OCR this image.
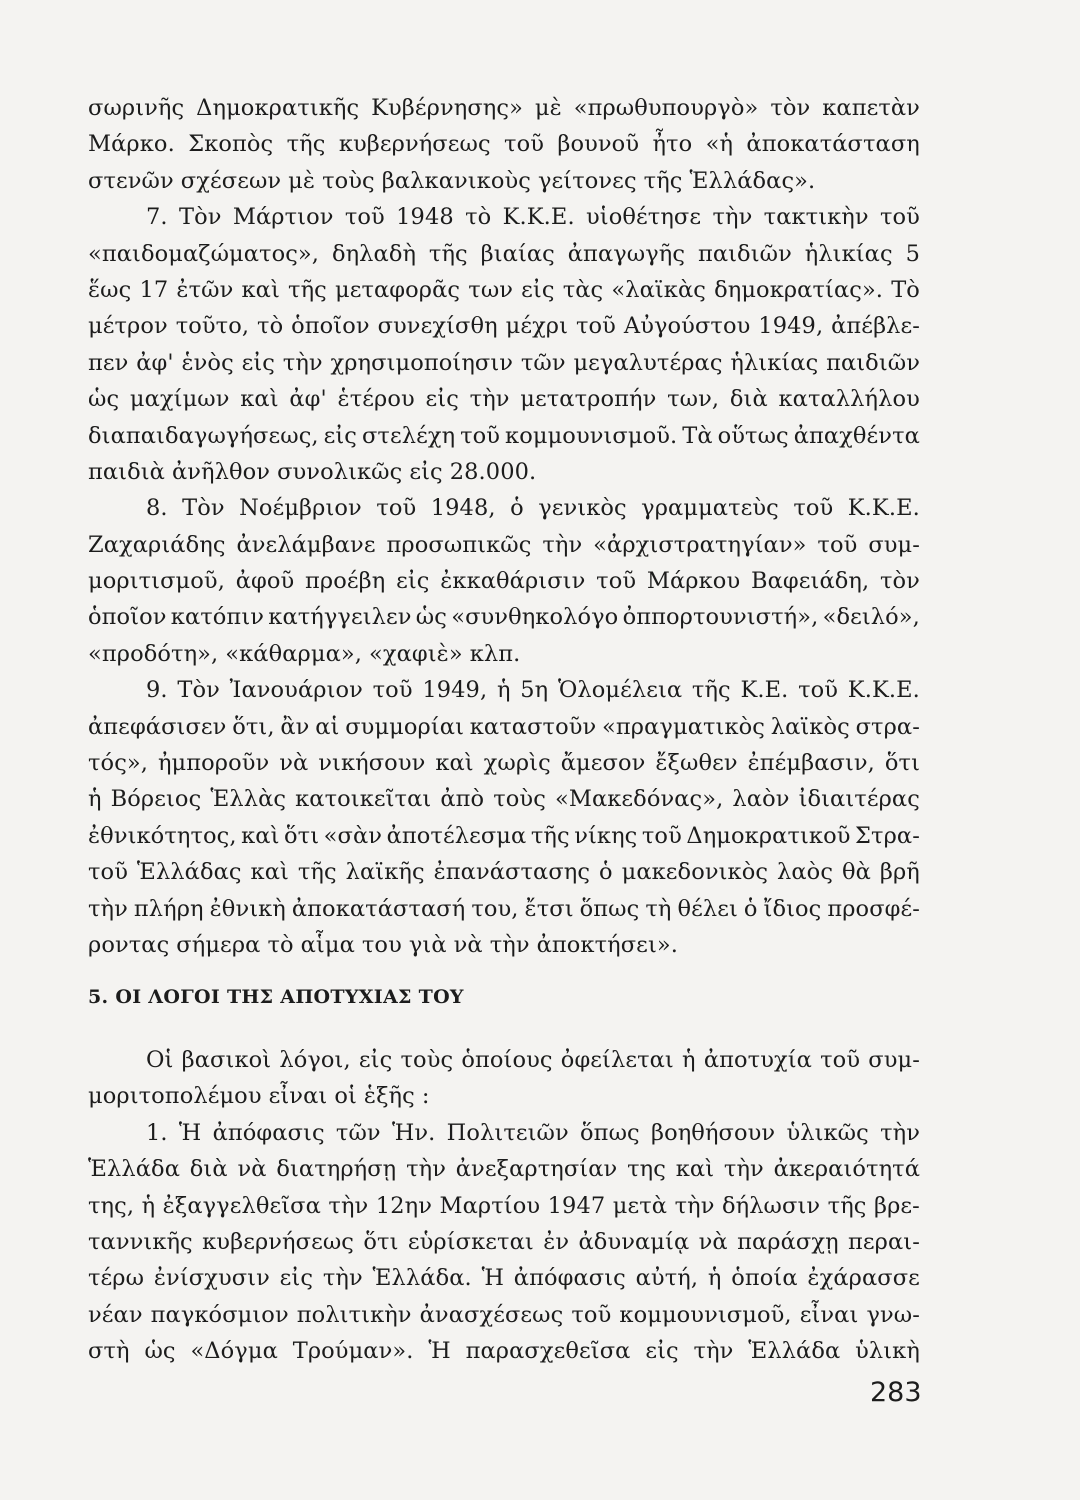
σωρινῆς Δημοκρατικῆς Κυβέρνησης» μὲ «πρωθυπουργὸ» τὸν καπετὰν
Μάρκο. Σκοπὸς τῆς κυβερνήσεως τοῦ βουνοῦ ἦτο «ἡ ἀποκατάσταση
στενῶν σχέσεων μὲ τοὺς βαλκανικοὺς γείτονες τῆς Ἑλλάδας».
7. Τὸν Μάρτιον τοῦ 1948 τὸ Κ.Κ.Ε. υἱοθέτησε τὴν τακτικὴν τοῦ
«παιδομαζώματος», δηλαδὴ τῆς βιαίας ἀπαγωγῆς παιδιῶν ἡλικίας 5
ἕως 17 ἐτῶν καὶ τῆς μεταφορᾶς των εἰς τὰς «λαϊκὰς δημοκρατίας». Τὸ
μέτρον τοῦτο, τὸ ὁποῖον συνεχίσθη μέχρι τοῦ Αὐγούστου 1949, ἀπέβλε-
πεν ἀφ' ἑνὸς εἰς τὴν χρησιμοποίησιν τῶν μεγαλυτέρας ἡλικίας παιδιῶν
ὡς μαχίμων καὶ ἀφ' ἑτέρου εἰς τὴν μετατροπήν των, διὰ καταλλήλου
διαπαιδαγωγήσεως, εἰς στελέχη τοῦ κομμουνισμοῦ. Τὰ οὕτως ἀπαχθέντα
παιδιὰ ἀνῆλθον συνολικῶς εἰς 28.000.
8. Τὸν Νοέμβριον τοῦ 1948, ὁ γενικὸς γραμματεὺς τοῦ Κ.Κ.Ε.
Ζαχαριάδης ἀνελάμβανε προσωπικῶς τὴν «ἀρχιστρατηγίαν» τοῦ συμ-
μοριτισμοῦ, ἀφοῦ προέβη εἰς ἐκκαθάρισιν τοῦ Μάρκου Βαφειάδη, τὸν
ὁποῖον κατόπιν κατήγγειλεν ὡς «συνθηκολόγο ὀππορτουνιστή», «δειλό»,
«προδότη», «κάθαρμα», «χαφιὲ» κλπ.
9. Τὸν Ἰανουάριον τοῦ 1949, ἡ 5η Ὁλομέλεια τῆς Κ.Ε. τοῦ Κ.Κ.Ε.
ἀπεφάσισεν ὅτι, ἂν αἱ συμμορίαι καταστοῦν «πραγματικὸς λαϊκὸς στρα-
τός», ἠμποροῦν νὰ νικήσουν καὶ χωρὶς ἄμεσον ἔξωθεν ἐπέμβασιν, ὅτι
ἡ Βόρειος Ἑλλὰς κατοικεῖται ἀπὸ τοὺς «Μακεδόνας», λαὸν ἰδιαιτέρας
ἐθνικότητος, καὶ ὅτι «σὰν ἀποτέλεσμα τῆς νίκης τοῦ Δημοκρατικοῦ Στρα-
τοῦ Ἑλλάδας καὶ τῆς λαϊκῆς ἐπανάστασης ὁ μακεδονικὸς λαὸς θὰ βρῆ
τὴν πλήρη ἐθνικὴ ἀποκατάστασή του, ἔτσι ὅπως τὴ θέλει ὁ ἴδιος προσφέ-
ροντας σήμερα τὸ αἷμα του γιὰ νὰ τὴν ἀποκτήσει».
5. ΟΙ ΛΟΓΟΙ ΤΗΣ ΑΠΟΤΥΧΙΑΣ ΤΟΥ
Οἱ βασικοὶ λόγοι, εἰς τοὺς ὁποίους ὀφείλεται ἡ ἀποτυχία τοῦ συμ-
μοριτοπολέμου εἶναι οἱ ἑξῆς :
1. Ἡ ἀπόφασις τῶν Ἡν. Πολιτειῶν ὅπως βοηθήσουν ὑλικῶς τὴν
Ἑλλάδα διὰ νὰ διατηρήσῃ τὴν ἀνεξαρτησίαν της καὶ τὴν ἀκεραιότητά
της, ἡ ἐξαγγελθεῖσα τὴν 12ην Μαρτίου 1947 μετὰ τὴν δήλωσιν τῆς βρε-
ταννικῆς κυβερνήσεως ὅτι εὑρίσκεται ἐν ἀδυναμίᾳ νὰ παράσχῃ περαι-
τέρω ἐνίσχυσιν εἰς τὴν Ἑλλάδα. Ἡ ἀπόφασις αὐτή, ἡ ὁποία ἐχάρασσε
νέαν παγκόσμιον πολιτικὴν ἀνασχέσεως τοῦ κομμουνισμοῦ, εἶναι γνω-
στὴ ὡς «Δόγμα Τρούμαν». Ἡ παρασχεθεῖσα εἰς τὴν Ἑλλάδα ὑλικὴ
283
